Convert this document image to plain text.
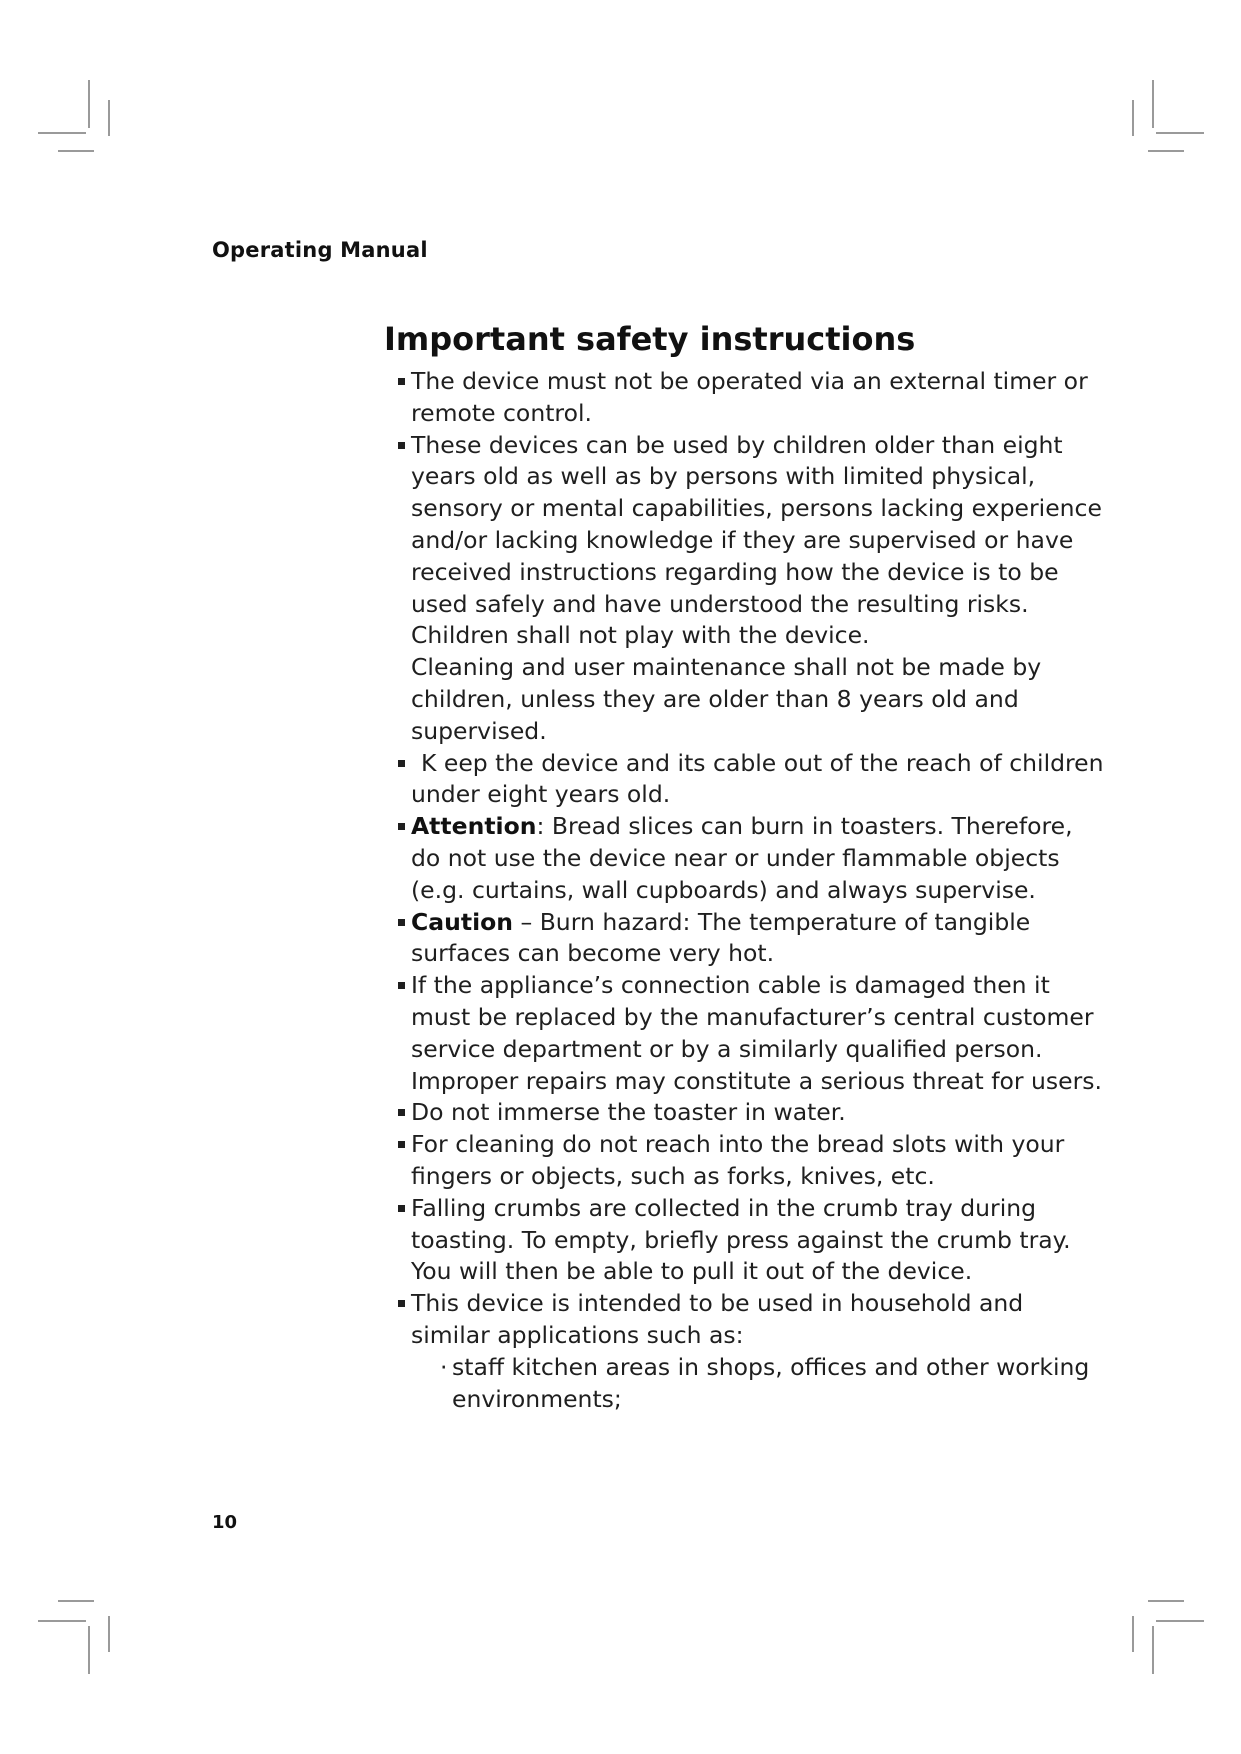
Operating Manual
Important safety instructions
The device must not be operated via an external timer or remote control.
These devices can be used by children older than eight years old as well as by persons with limited physical, sensory or mental capabilities, persons lacking experience and/or lacking knowledge if they are supervised or have received instructions regarding how the device is to be used safely and have understood the resulting risks.
Children shall not play with the device.
Cleaning and user maintenance shall not be made by children, unless they are older than 8 years old and supervised.
K eep the device and its cable out of the reach of children under eight years old.
Attention: Bread slices can burn in toasters. Therefore, do not use the device near or under flammable objects (e.g. curtains, wall cupboards) and always supervise.
Caution – Burn hazard: The temperature of tangible surfaces can become very hot.
If the appliance’s connection cable is damaged then it must be replaced by the manufacturer’s central customer service department or by a similarly qualified person. Improper repairs may constitute a serious threat for users.
Do not immerse the toaster in water.
For cleaning do not reach into the bread slots with your fingers or objects, such as forks, knives, etc.
Falling crumbs are collected in the crumb tray during toasting. To empty, briefly press against the crumb tray. You will then be able to pull it out of the device.
This device is intended to be used in household and similar applications such as:
· staff kitchen areas in shops, offices and other working environments;
10
